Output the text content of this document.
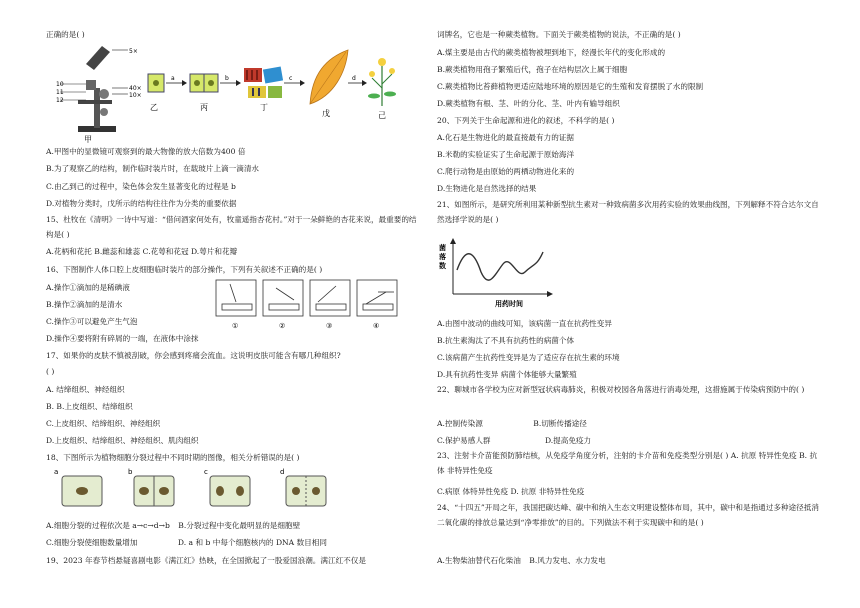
正确的是( )
5×
40×
10×
10
11
12
a	b	c	d
甲
乙	丙	丁
戊	己
A.甲图中的显微镜可观察到的最大物像的放大倍数为400 倍
B.为了观察乙的结构，制作临时装片时，在载玻片上滴一滴清水
C.由乙到己的过程中，染色体会发生显著变化的过程是 b
D.对植物分类时，戊所示的结构往往作为分类的重要依据
15、杜牧在《清明》一诗中写道：“借问酒家何处有，牧童遥指杏花村。”对于一朵鲜艳的杏花来说，最重要的结构是( )
A.花柄和花托 B.雌蕊和雄蕊 C.花萼和花冠 D.萼片和花瓣
16、下图制作人体口腔上皮细胞临时装片的部分操作，下列有关叙述不正确的是( )
A.操作①滴加的是稀碘液
B.操作②滴加的是清水
C.操作③可以避免产生气泡
D.操作④要将附有碎屑的一端，在液体中涂抹
①	②	③	④
17、如果你的皮肤不慎被刮破，你会感到疼痛会流血。这说明皮肤可能含有哪几种组织?
( )
A. 结缔组织、神经组织
B. B.上皮组织、结缔组织
C.上皮组织、结缔组织、神经组织
D.上皮组织、结缔组织、神经组织、肌肉组织
18、下图所示为植物细胞分裂过程中不同时期的图像，相关分析错误的是( )
a	b	c	d
A.细胞分裂的过程依次是 a→c→d→b B.分裂过程中变化最明显的是细胞壁
C.细胞分裂使细胞数量增加	D. a 和 b 中每个细胞核内的 DNA 数目相同
19、2023 年春节档悬疑喜剧电影《满江红》热映，在全国掀起了一股爱国浪潮。满江红不仅是
词牌名，它也是一种蕨类植物。下面关于蕨类植物的说法，不正确的是( )
A.煤主要是由古代的蕨类植物被埋到地下，经漫长年代的变化形成的
B.蕨类植物用孢子繁殖后代，孢子在结构层次上属于细胞
C.蕨类植物比苔藓植物更适应陆地环境的原因是它的生殖和发育摆脱了水的限制
D.蕨类植物有根、茎、叶的分化、茎、叶内有输导组织
20、下列关于生命起源和进化的叙述，不科学的是( )
A.化石是生物进化的最直接最有力的证据
B.米勒的实验证实了生命起源于原始海洋
C.爬行动物是由原始的两栖动物进化来的
D.生物进化是自然选择的结果
21、如图所示，是研究所利用某种新型抗生素对一种致病菌多次用药实验的效果曲线图，下列解释不符合达尔文自然选择学说的是( )
菌
落
数
用药时间
A.由图中波动的曲线可知，该病菌一直在抗药性变异
B.抗生素淘汰了不具有抗药性的病菌个体
C.该病菌产生抗药性变异是为了适应存在抗生素的环境
D.具有抗药性变异 病菌个体能够大量繁殖
22、聊城市各学校为应对新型冠状病毒肺炎，积极对校园各角落进行消毒处理，这措施属于传染病预防中的( )
A.控制传染源	B.切断传播途径
C.保护易感人群	D.提高免疫力
23、注射卡介苗能预防肺结核，从免疫学角度分析，注射的卡介苗和免疫类型分别是( ) A. 抗原 特异性免疫 B. 抗体 非特异性免疫
C.病原 体特异性免疫 D. 抗原 非特异性免疫
24、“十四五”开局之年，我国把碳达峰、碳中和纳入生态文明建设整体布局，其中，碳中和是指通过多种途径抵消二氧化碳的排放总量达到“净零排放”的目的。下列做法不利于实现碳中和的是( )
A.生物柴油替代石化柴油 B.风力发电、水力发电
